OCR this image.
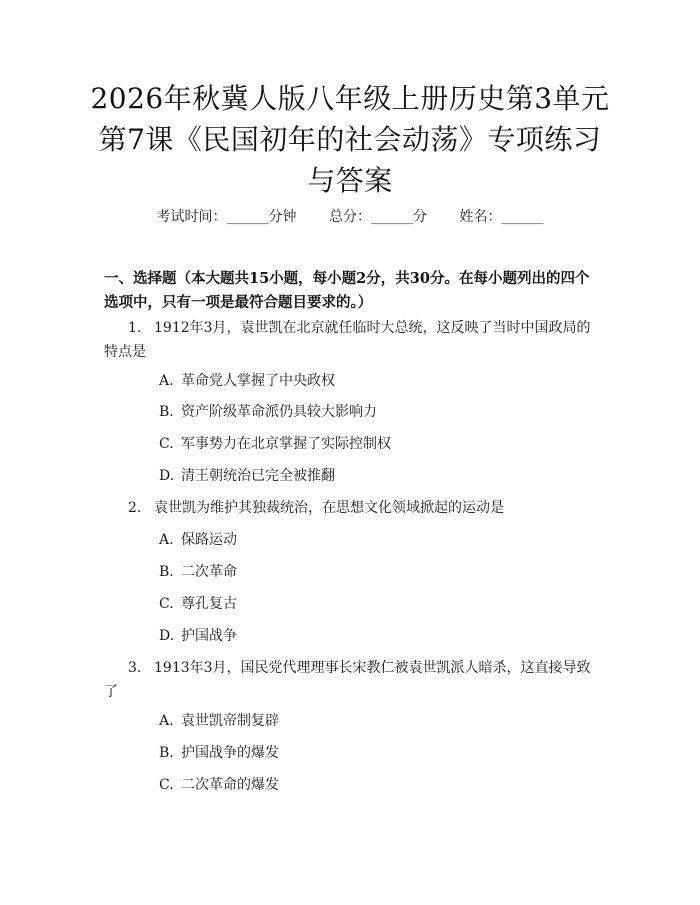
2026年秋冀人版八年级上册历史第3单元第7课《民国初年的社会动荡》专项练习与答案
考试时间：______分钟 总分：______分 姓名：______
一、选择题（本大题共15小题，每小题2分，共30分。在每小题列出的四个选项中，只有一项是最符合题目要求的。）
1. 1912年3月，袁世凯在北京就任临时大总统，这反映了当时中国政局的特点是
A. 革命党人掌握了中央政权
B. 资产阶级革命派仍具较大影响力
C. 军事势力在北京掌握了实际控制权
D. 清王朝统治已完全被推翻
2. 袁世凯为维护其独裁统治，在思想文化领域掀起的运动是
A. 保路运动
B. 二次革命
C. 尊孔复古
D. 护国战争
3. 1913年3月，国民党代理理事长宋教仁被袁世凯派人暗杀，这直接导致了
A. 袁世凯帝制复辟
B. 护国战争的爆发
C. 二次革命的爆发
